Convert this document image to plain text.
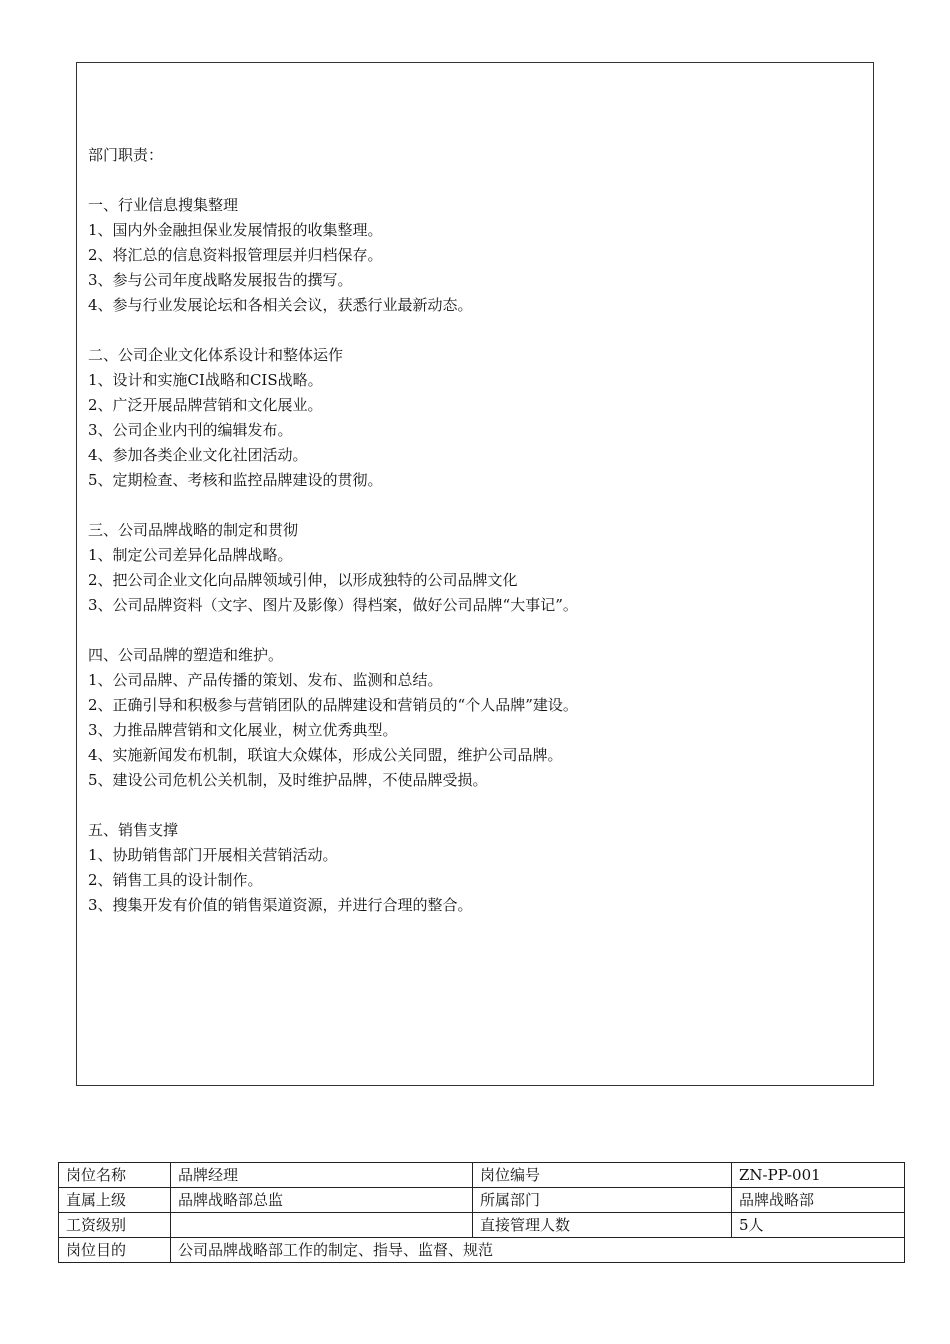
部门职责：
一、行业信息搜集整理
1、国内外金融担保业发展情报的收集整理。
2、将汇总的信息资料报管理层并归档保存。
3、参与公司年度战略发展报告的撰写。
4、参与行业发展论坛和各相关会议，获悉行业最新动态。
二、公司企业文化体系设计和整体运作
1、设计和实施CI战略和CIS战略。
2、广泛开展品牌营销和文化展业。
3、公司企业内刊的编辑发布。
4、参加各类企业文化社团活动。
5、定期检查、考核和监控品牌建设的贯彻。
三、公司品牌战略的制定和贯彻
1、制定公司差异化品牌战略。
2、把公司企业文化向品牌领域引伸，以形成独特的公司品牌文化
3、公司品牌资料（文字、图片及影像）得档案，做好公司品牌“大事记”。
四、公司品牌的塑造和维护。
1、公司品牌、产品传播的策划、发布、监测和总结。
2、正确引导和积极参与营销团队的品牌建设和营销员的“个人品牌”建设。
3、力推品牌营销和文化展业，树立优秀典型。
4、实施新闻发布机制，联谊大众媒体，形成公关同盟，维护公司品牌。
5、建设公司危机公关机制，及时维护品牌，不使品牌受损。
五、销售支撑
1、协助销售部门开展相关营销活动。
2、销售工具的设计制作。
3、搜集开发有价值的销售渠道资源，并进行合理的整合。
岗位名称	品牌经理	岗位编号	ZN-PP-001
直属上级	品牌战略部总监	所属部门	品牌战略部
工资级别		直接管理人数	5人
岗位目的	公司品牌战略部工作的制定、指导、监督、规范		
